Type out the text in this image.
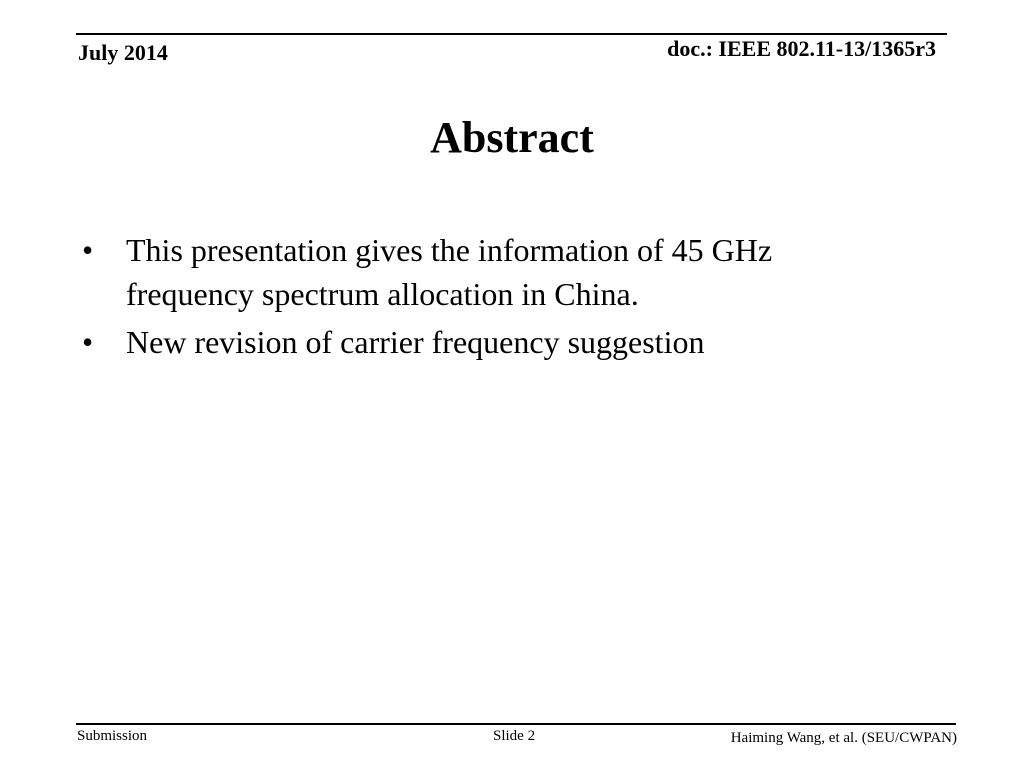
July 2014	doc.: IEEE 802.11-13/1365r3
Abstract
• This presentation gives the information of 45 GHz frequency spectrum allocation in China.
• New revision of carrier frequency suggestion
Submission	Slide 2	Haiming Wang, et al. (SEU/CWPAN)
